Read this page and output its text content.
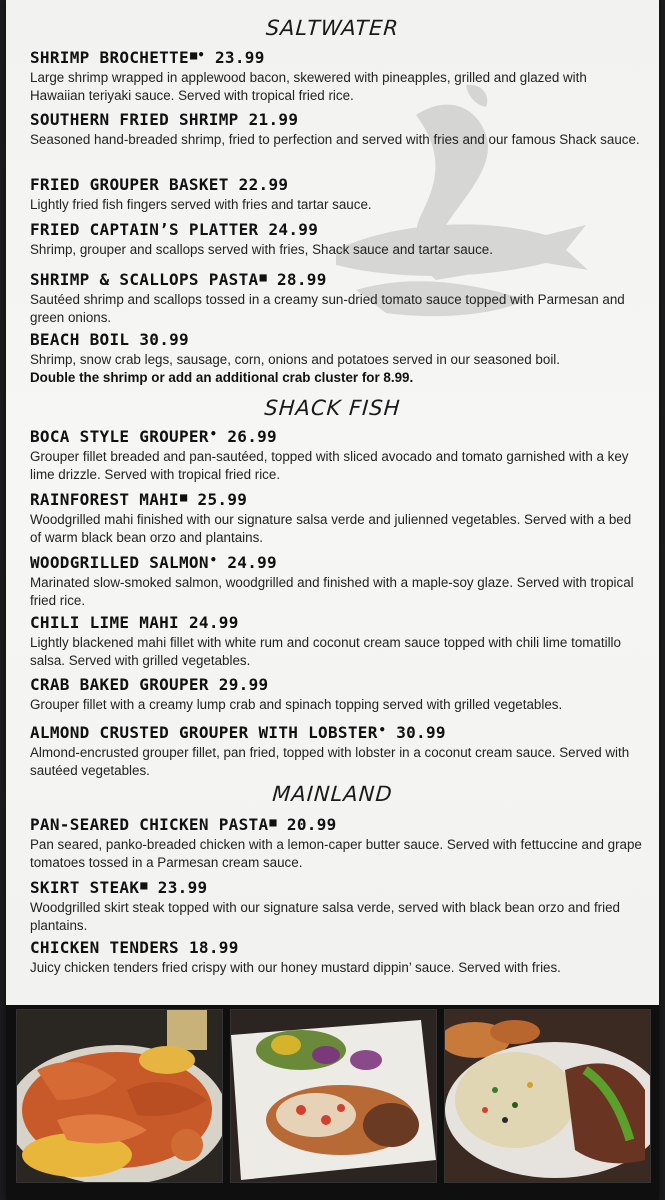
SALTWATER
SHRIMP BROCHETTE■• 23.99
Large shrimp wrapped in applewood bacon, skewered with pineapples, grilled and glazed with Hawaiian teriyaki sauce. Served with tropical fried rice.
SOUTHERN FRIED SHRIMP 21.99
Seasoned hand-breaded shrimp, fried to perfection and served with fries and our famous Shack sauce.
FRIED GROUPER BASKET 22.99
Lightly fried fish fingers served with fries and tartar sauce.
FRIED CAPTAIN’S PLATTER 24.99
Shrimp, grouper and scallops served with fries, Shack sauce and tartar sauce.
SHRIMP & SCALLOPS PASTA■ 28.99
Sautéed shrimp and scallops tossed in a creamy sun-dried tomato sauce topped with Parmesan and green onions.
BEACH BOIL 30.99
Shrimp, snow crab legs, sausage, corn, onions and potatoes served in our seasoned boil.
Double the shrimp or add an additional crab cluster for 8.99.
SHACK FISH
BOCA STYLE GROUPER• 26.99
Grouper fillet breaded and pan-sautéed, topped with sliced avocado and tomato garnished with a key lime drizzle. Served with tropical fried rice.
RAINFOREST MAHI■ 25.99
Woodgrilled mahi finished with our signature salsa verde and julienned vegetables. Served with a bed of warm black bean orzo and plantains.
WOODGRILLED SALMON• 24.99
Marinated slow-smoked salmon, woodgrilled and finished with a maple-soy glaze. Served with tropical fried rice.
CHILI LIME MAHI 24.99
Lightly blackened mahi fillet with white rum and coconut cream sauce topped with chili lime tomatillo salsa. Served with grilled vegetables.
CRAB BAKED GROUPER 29.99
Grouper fillet with a creamy lump crab and spinach topping served with grilled vegetables.
ALMOND CRUSTED GROUPER WITH LOBSTER• 30.99
Almond-encrusted grouper fillet, pan fried, topped with lobster in a coconut cream sauce. Served with sautéed vegetables.
MAINLAND
PAN-SEARED CHICKEN PASTA■ 20.99
Pan seared, panko-breaded chicken with a lemon-caper butter sauce. Served with fettuccine and grape tomatoes tossed in a Parmesan cream sauce.
SKIRT STEAK■ 23.99
Woodgrilled skirt steak topped with our signature salsa verde, served with black bean orzo and fried plantains.
CHICKEN TENDERS 18.99
Juicy chicken tenders fried crispy with our honey mustard dippin’ sauce. Served with fries.
